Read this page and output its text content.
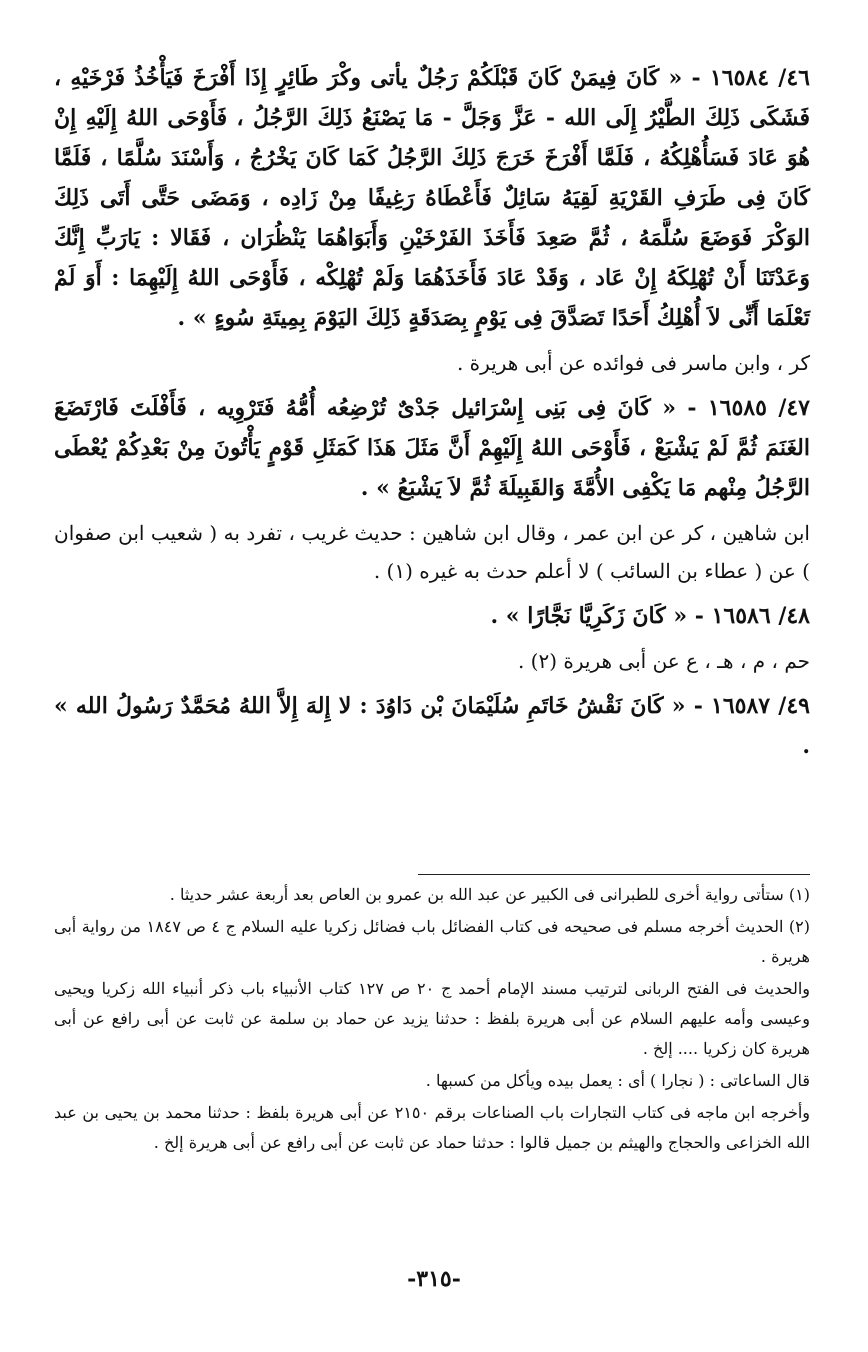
٤٦/ ١٦٥٨٤ - « كَانَ فِيمَنْ كَانَ قَبْلَكُمْ رَجُلٌ يأتى وكْرَ طَائِرٍ إِذَا أَفْرَخَ فَيَأْخُذُ فَرْخَيْهِ ، فَشَكَى ذَلِكَ الطَّيْرُ إِلَى الله - عَزَّ وَجَلَّ - مَا يَصْنَعُ ذَلِكَ الرَّجُلُ ، فَأَوْحَى اللهُ إِلَيْهِ إِنْ هُوَ عَادَ فَسَأُهْلِكُهُ ، فَلَمَّا أَفْرَخَ خَرَجَ ذَلِكَ الرَّجُلُ كَمَا كَانَ يَخْرُجُ ، وَأَسْنَدَ سُلَّمًا ، فَلَمَّا كَانَ فِى طَرَفِ القَرْيَةِ لَقِيَهُ سَائِلٌ فَأَعْطَاهُ رَغِيفًا مِنْ زَادِه ، وَمَضَى حَتَّى أَتَى ذَلِكَ الوَكْرَ فَوَضَعَ سُلَّمَهُ ، ثُمَّ صَعِدَ فَأَخَذَ الفَرْخَيْنِ وَأَبَوَاهُمَا يَنْظُرَان ، فَقَالا : يَارَبِّ إِنَّكَ وَعَدْتَنَا أَنْ تُهْلِكَهُ إِنْ عَاد ، وَقَدْ عَادَ فَأَخَذَهُمَا وَلَمْ تُهْلِكْه ، فَأَوْحَى اللهُ إِلَيْهِمَا : أَوَ لَمْ تَعْلَمَا أَنِّى لاَ أُهْلِكُ أَحَدًا تَصَدَّقَ فِى يَوْمٍ بِصَدَقَةٍ ذَلِكَ اليَوْمَ بِمِيتَةِ سُوءٍ » .

كر ، وابن ماسر فى فوائده عن أبى هريرة .

٤٧/ ١٦٥٨٥ - « كَانَ فِى بَنِى إِسْرَائيل جَدْىٌ تُرْضِعُه أُمُّهُ فَتَرْوِيه ، فَأَفْلَتَ فَارْتَضَعَ الغَنَمَ ثُمَّ لَمْ يَشْبَعْ ، فَأَوْحَى اللهُ إِلَيْهِمْ أَنَّ مَثَلَ هَذَا كَمَثَلِ قَوْمٍ يَأْتُونَ مِنْ بَعْدِكُمْ يُعْطَى الرَّجُلُ مِنْهم مَا يَكْفِى الأُمَّةَ وَالقَبِيلَةَ ثُمَّ لاَ يَشْبَعُ » .

ابن شاهين ، كر عن ابن عمر ، وقال ابن شاهين : حديث غريب ، تفرد به ( شعيب ابن صفوان ) عن ( عطاء بن السائب ) لا أعلم حدث به غيره (١) .

٤٨/ ١٦٥٨٦ - « كَانَ زَكَرِيَّا نَجَّارًا » .

حم ، م ، هـ ، ع عن أبى هريرة (٢) .

٤٩/ ١٦٥٨٧ - « كَانَ نَقْشُ خَاتَمِ سُلَيْمَانَ بْن دَاوُدَ : لا إِلهَ إِلاَّ اللهُ مُحَمَّدٌ رَسُولُ الله » .

(١) ستأتى رواية أخرى للطبرانى فى الكبير عن عبد الله بن عمرو بن العاص بعد أربعة عشر حديثا .

(٢) الحديث أخرجه مسلم فى صحيحه فى كتاب الفضائل باب فضائل زكريا عليه السلام ج ٤ ص ١٨٤٧ من رواية أبى هريرة .

والحديث فى الفتح الربانى لترتيب مسند الإمام أحمد ج ٢٠ ص ١٢٧ كتاب الأنبياء باب ذكر أنبياء الله زكريا ويحيى وعيسى وأمه عليهم السلام عن أبى هريرة بلفظ : حدثنا يزيد عن حماد بن سلمة عن ثابت عن أبى رافع عن أبى هريرة كان زكريا .... إلخ .

قال الساعاتى : ( نجارا ) أى : يعمل بيده ويأكل من كسبها .

وأخرجه ابن ماجه فى كتاب التجارات باب الصناعات برقم ٢١٥٠ عن أبى هريرة بلفظ : حدثنا محمد بن يحيى بن عبد الله الخزاعى والحجاج والهيثم بن جميل قالوا : حدثنا حماد عن ثابت عن أبى رافع عن أبى هريرة إلخ .

-٣١٥-
